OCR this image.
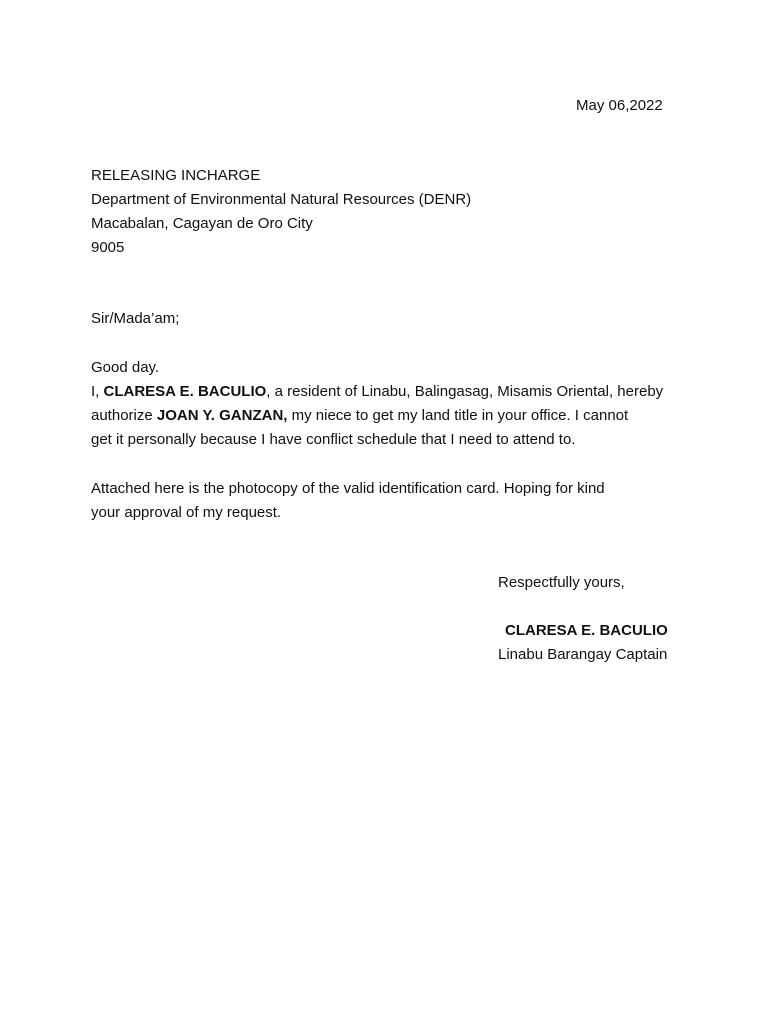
May 06,2022
RELEASING INCHARGE
Department of Environmental Natural Resources (DENR)
Macabalan, Cagayan de Oro City
9005
Sir/Mada’am;
Good day.
I, CLARESA E. BACULIO, a resident of Linabu, Balingasag, Misamis Oriental, hereby
authorize JOAN Y. GANZAN, my niece to get my land title in your office. I cannot
get it personally because I have conflict schedule that I need to attend to.
Attached here is the photocopy of the valid identification card. Hoping for kind
your approval of my request.
Respectfully yours,
CLARESA E. BACULIO
Linabu Barangay Captain
